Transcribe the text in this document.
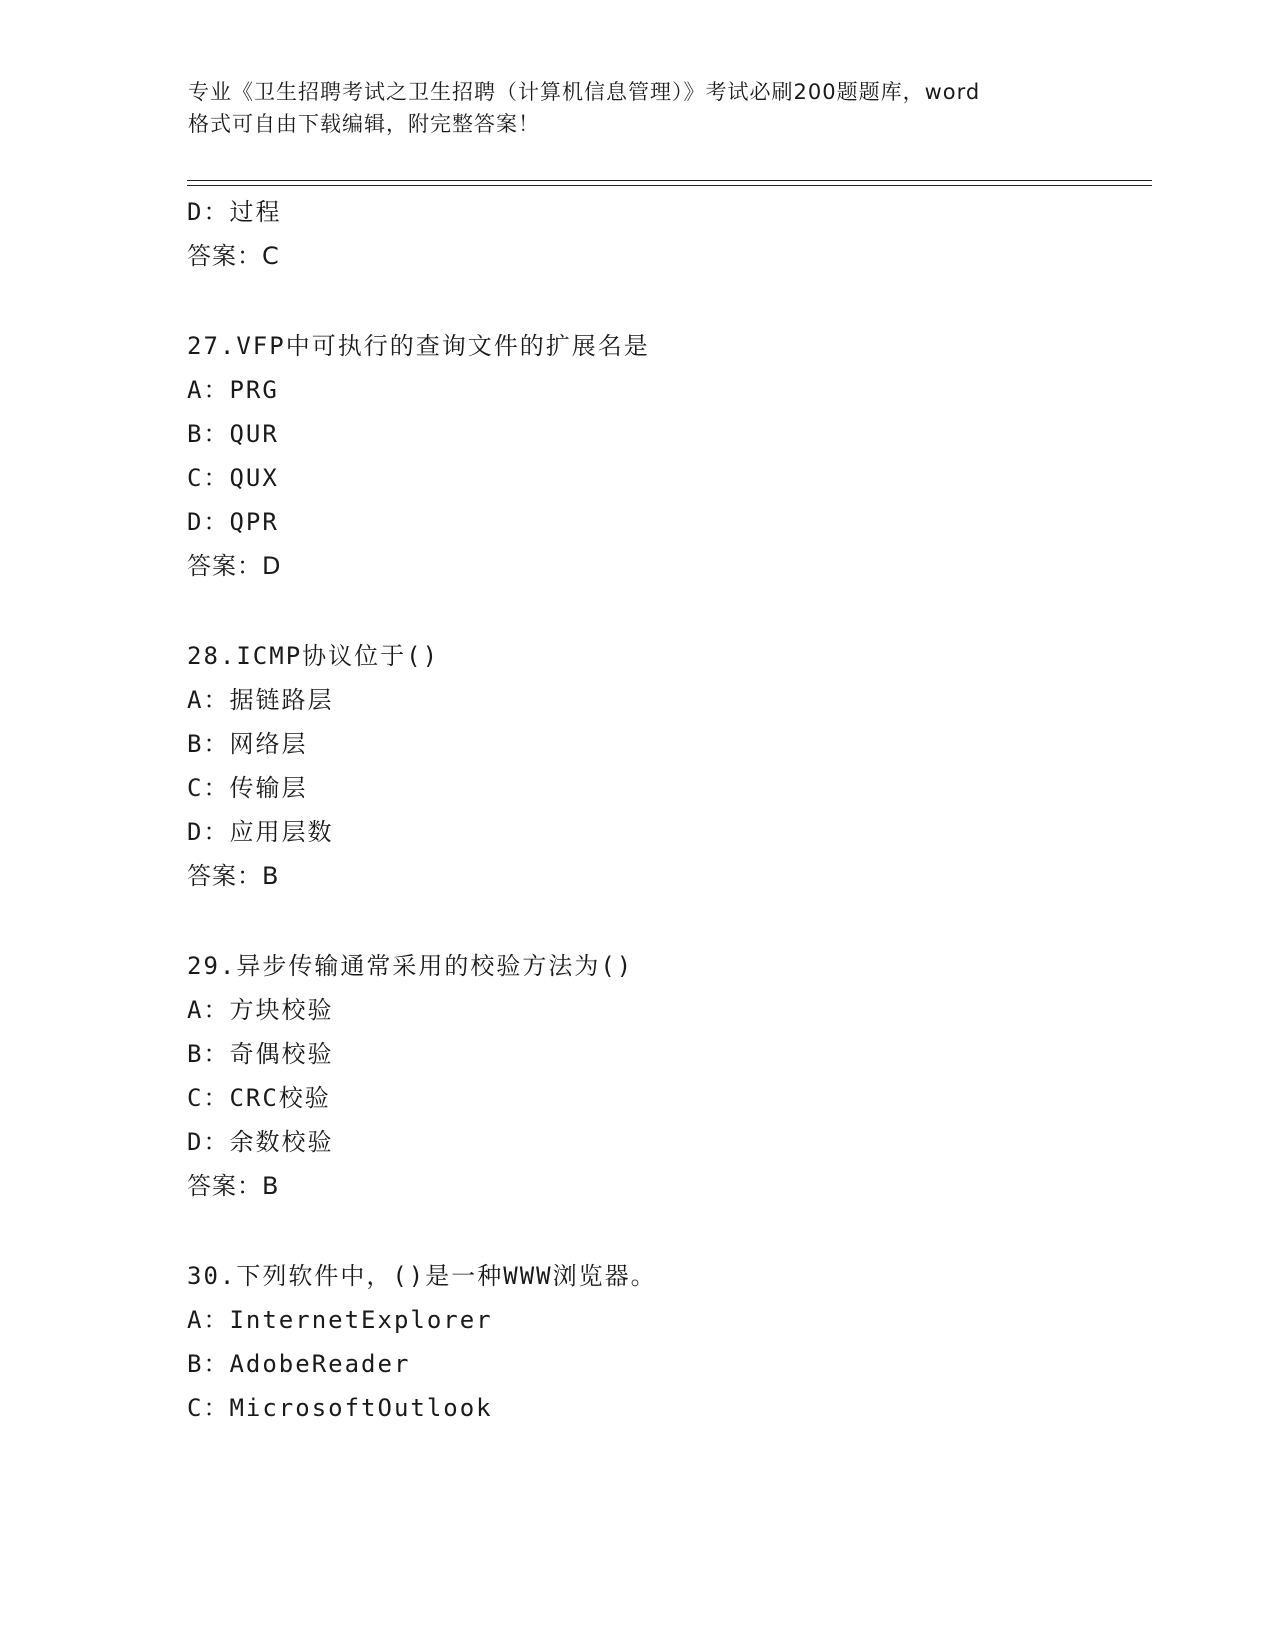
专业《卫生招聘考试之卫生招聘（计算机信息管理）》考试必刷200题题库，word
格式可自由下载编辑，附完整答案！
D：过程
答案：C
27.VFP中可执行的查询文件的扩展名是
A：PRG
B：QUR
C：QUX
D：QPR
答案：D
28.ICMP协议位于()
A：据链路层
B：网络层
C：传输层
D：应用层数
答案：B
29.异步传输通常采用的校验方法为()
A：方块校验
B：奇偶校验
C：CRC校验
D：余数校验
答案：B
30.下列软件中，()是一种WWW浏览器。
A：InternetExplorer
B：AdobeReader
C：MicrosoftOutlook
